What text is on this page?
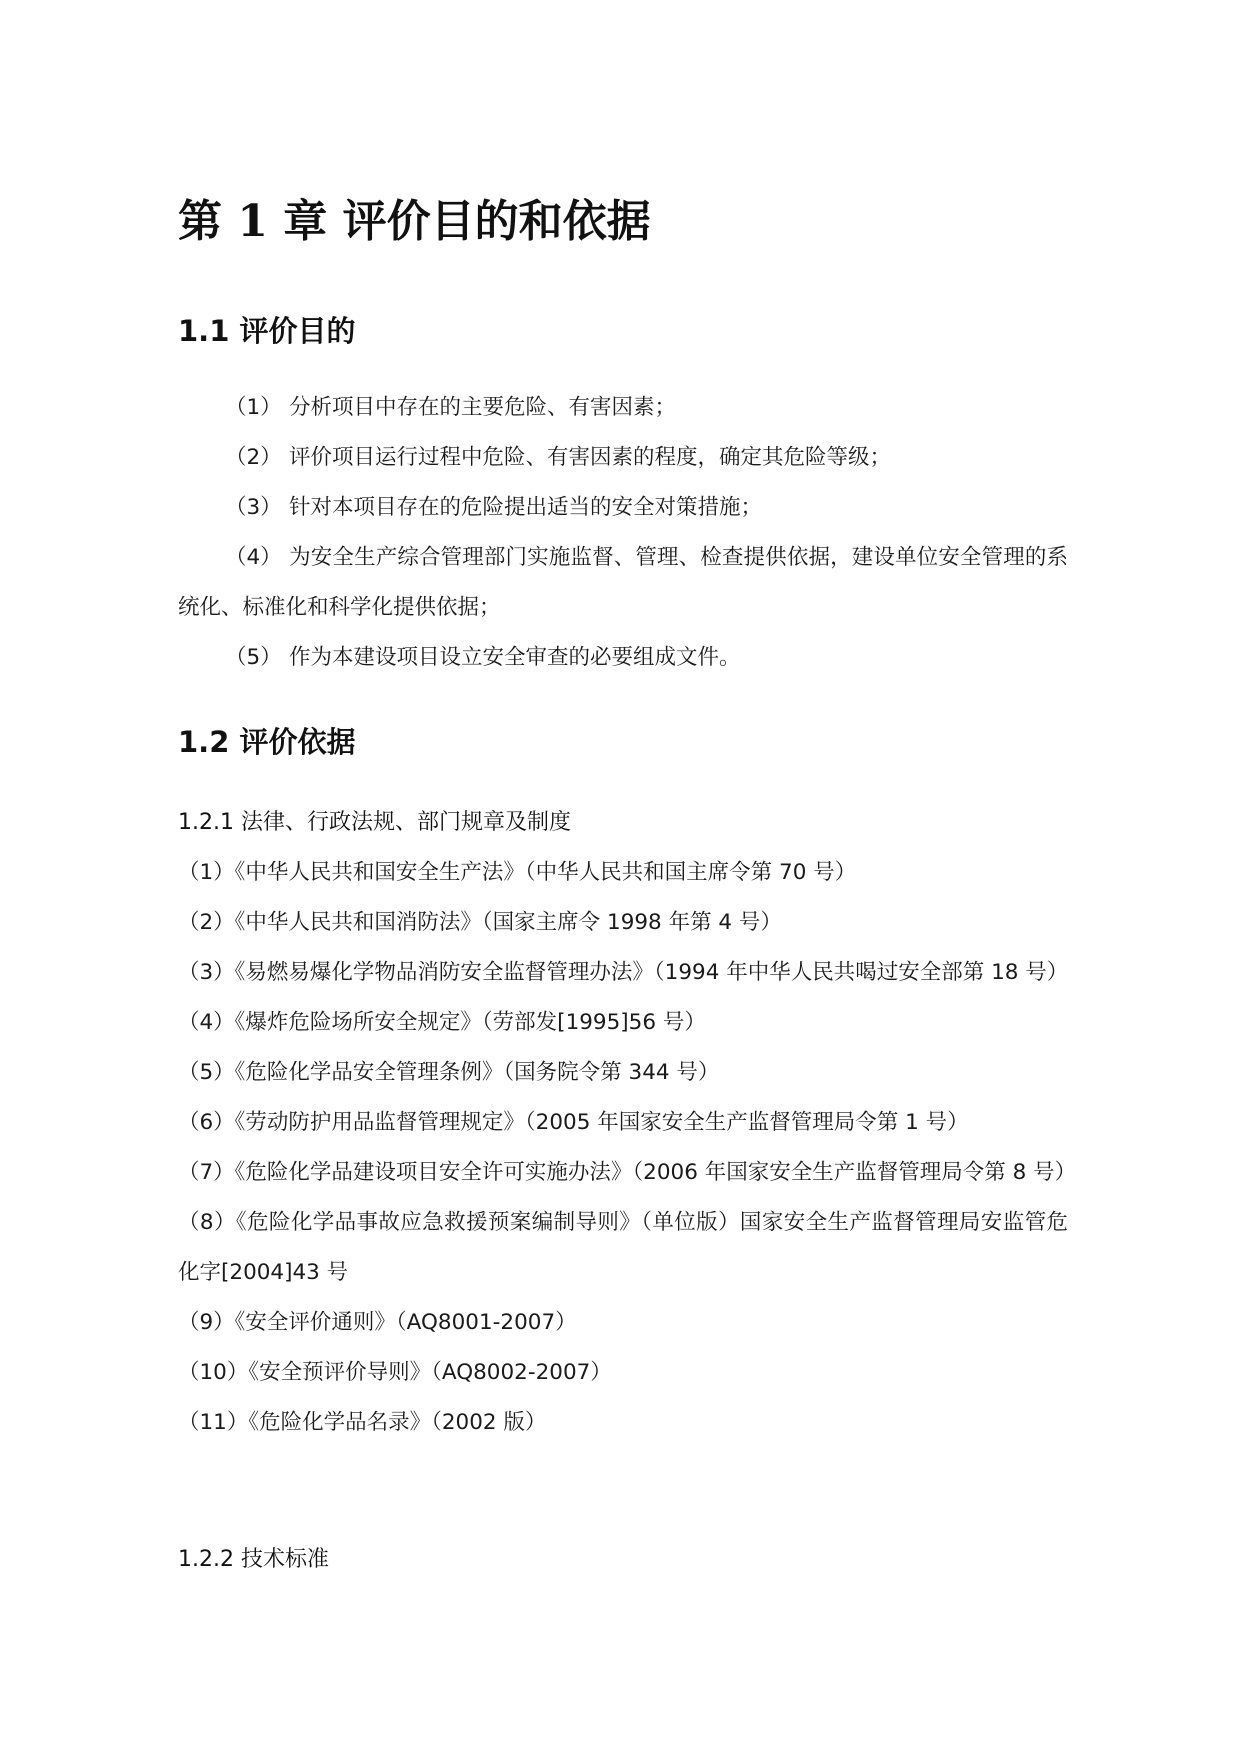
第 1 章 评价目的和依据
1.1 评价目的
（1） 分析项目中存在的主要危险、有害因素；
（2） 评价项目运行过程中危险、有害因素的程度，确定其危险等级；
（3） 针对本项目存在的危险提出适当的安全对策措施；
（4） 为安全生产综合管理部门实施监督、管理、检查提供依据，建设单位安全管理的系统化、标准化和科学化提供依据；
（5） 作为本建设项目设立安全审查的必要组成文件。
1.2 评价依据
1.2.1 法律、行政法规、部门规章及制度
（1）《中华人民共和国安全生产法》（中华人民共和国主席令第 70 号）
（2）《中华人民共和国消防法》（国家主席令 1998 年第 4 号）
（3）《易燃易爆化学物品消防安全监督管理办法》（1994 年中华人民共喝过安全部第 18 号）
（4）《爆炸危险场所安全规定》（劳部发[1995]56 号）
（5）《危险化学品安全管理条例》（国务院令第 344 号）
（6）《劳动防护用品监督管理规定》（2005 年国家安全生产监督管理局令第 1 号）
（7）《危险化学品建设项目安全许可实施办法》（2006 年国家安全生产监督管理局令第 8 号）
（8）《危险化学品事故应急救援预案编制导则》（单位版）国家安全生产监督管理局安监管危化字[2004]43 号
（9）《安全评价通则》（AQ8001-2007）
（10）《安全预评价导则》（AQ8002-2007）
（11）《危险化学品名录》（2002 版）
1.2.2 技术标准
